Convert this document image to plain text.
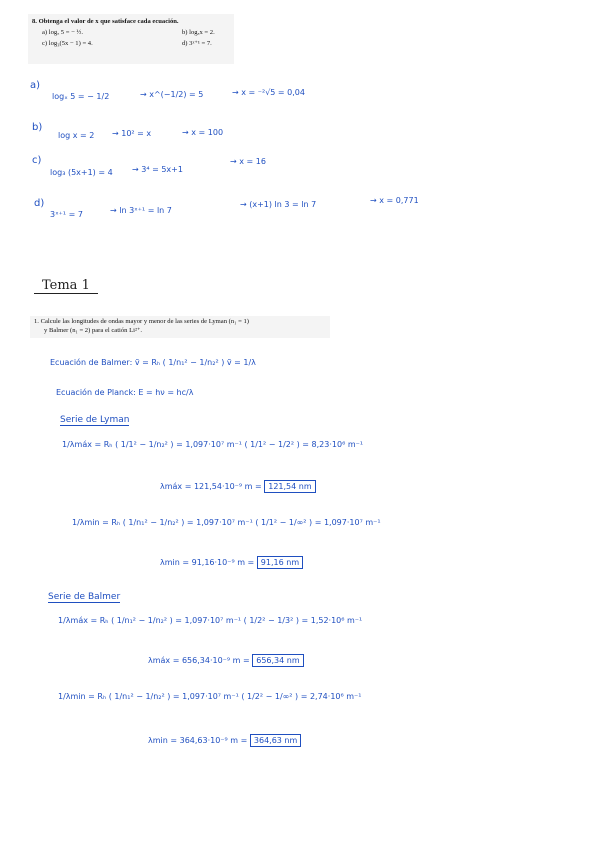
8. Obtenga el valor de x que satisface cada ecuación.
a) logₓ 5 = − ½.	b) logₓx = 2.
c) log₃(5x − 1) = 4.	d) 3ˣ⁺¹ = 7.
a)
logₓ 5 = − 1/2	→ x^(−1/2) = 5	→ x = ⁻²√5 = 0,04
b)
log x = 2 → 10² = x	→ x = 100
c)
log₃ (5x+1) = 4 → 3⁴ = 5x+1
→ x = 16
d)
3ˣ⁺¹ = 7	→ ln 3ˣ⁺¹ = ln 7
→ (x+1) ln 3 = ln 7	→ x = 0,771
Tema 1
1. Calcule las longitudes de ondas mayor y menor de las series de Lyman (n₁ = 1)
y Balmer (n₁ = 2) para el catión Li²⁺.
Ecuación de Balmer: ṽ = Rₕ ( 1/n₁² − 1/n₂² ) ṽ = 1/λ
Ecuación de Planck: E = hν = hc/λ
Serie de Lyman
1/λmáx = Rₕ ( 1/1² − 1/n₂² ) = 1,097·10⁷ m⁻¹ ( 1/1² − 1/2² ) = 8,23·10⁶ m⁻¹
λmáx = 121,54·10⁻⁹ m = 121,54 nm
1/λmin = Rₕ ( 1/n₁² − 1/n₂² ) = 1,097·10⁷ m⁻¹ ( 1/1² − 1/∞² ) = 1,097·10⁷ m⁻¹
λmin = 91,16·10⁻⁹ m = 91,16 nm
Serie de Balmer
1/λmáx = Rₕ ( 1/n₁² − 1/n₂² ) = 1,097·10⁷ m⁻¹ ( 1/2² − 1/3² ) = 1,52·10⁶ m⁻¹
λmáx = 656,34·10⁻⁹ m = 656,34 nm
1/λmin = Rₕ ( 1/n₁² − 1/n₂² ) = 1,097·10⁷ m⁻¹ ( 1/2² − 1/∞² ) = 2,74·10⁶ m⁻¹
λmin = 364,63·10⁻⁹ m = 364,63 nm
